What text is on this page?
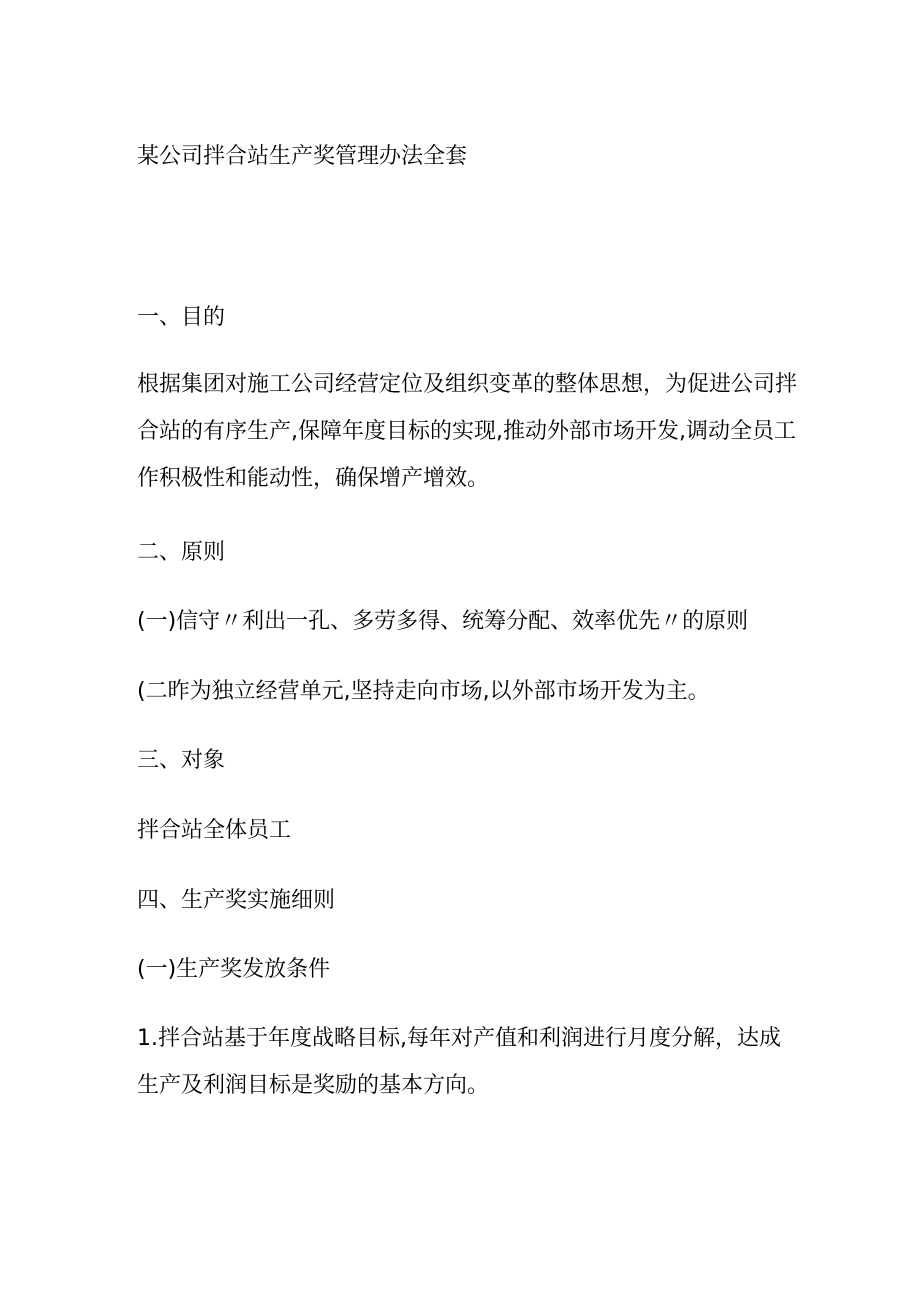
某公司拌合站生产奖管理办法全套
一、目的
根据集团对施工公司经营定位及组织变革的整体思想，为促进公司拌
合站的有序生产,保障年度目标的实现,推动外部市场开发,调动全员工
作积极性和能动性，确保增产增效。
二、原则
(一)信守〃利出一孔、多劳多得、统筹分配、效率优先〃的原则
(二昨为独立经营单元,坚持走向市场,以外部市场开发为主。
三、对象
拌合站全体员工
四、生产奖实施细则
(一)生产奖发放条件
1.拌合站基于年度战略目标,每年对产值和利润进行月度分解，达成
生产及利润目标是奖励的基本方向。
